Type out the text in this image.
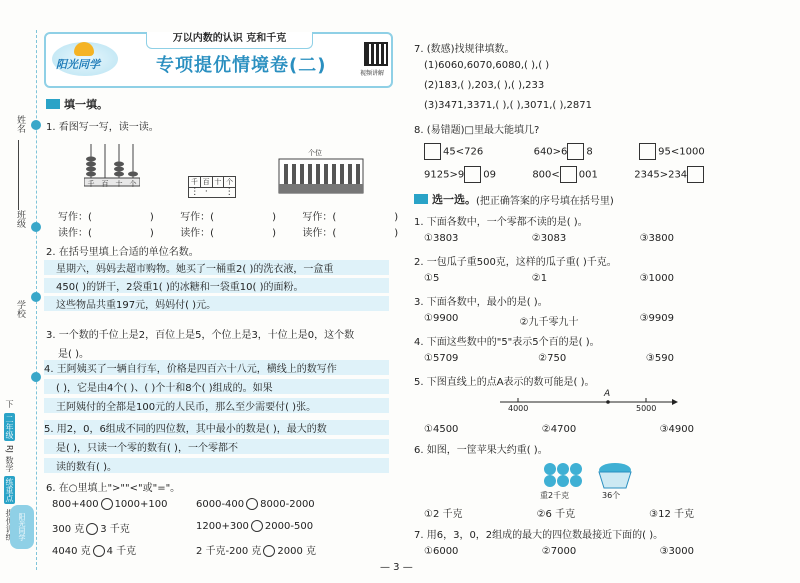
姓名
班级
学校
下 二年级 RJ 数学 练重点
阳光同学
万以内数的认识 克和千克
阳光同学	专项提优情境卷(二)	视频讲解
填一填。
1. 看图写一写，读一读。
千 百 十 个	千 百 十 个
⋮ ·	⋮
个位
写作：(	)	写作：(	)	写作：(	)
读作：(	)	读作：(	)	读作：(	)
2. 在括号里填上合适的单位名数。
星期六，妈妈去超市购物。她买了一桶重2( )的洗衣液，一盒重
450( )的饼干，2袋重1( )的冰糖和一袋重10( )的面粉。
这些物品共重197元，妈妈付( )元。
3. 一个数的千位上是2，百位上是5，个位上是3，十位上是0，这个数
是( )。
4. 王阿姨买了一辆自行车，价格是四百六十八元，横线上的数写作
( )，它是由4个( )、( )个十和8个( )组成的。如果
王阿姨付的全都是100元的人民币，那么至少需要付( )张。
5. 用2，0，6组成不同的四位数，其中最小的数是( )，最大的数
是( )，只读一个零的数有( )，一个零都不
读的数有( )。
6. 在○里填上">""<"或"="。
800+400 1000+100	6000-400 8000-2000
300 克 3 千克	1200+300 2000-500
4040 克 4 千克	2 千克-200 克 2000 克
7. (数感)找规律填数。
(1)6060,6070,6080,( ),( )
(2)183,( ),203,( ),( ),233
(3)3471,3371,( ),( ),3071,( ),2871
8. (易错题)□里最大能填几?
45<726	640>6 8	95<1000
9125>9 09	800< 001	2345>234
选一选。 (把正确答案的序号填在括号里)
1. 下面各数中，一个零都不读的是( )。
①3803	②3083	③3800
2. 一包瓜子重500克，这样的瓜子重( )千克。
①5	②1	③1000
3. 下面各数中，最小的是( )。
①9900	②九千零九十	③9909
4. 下面这些数中的"5"表示5个百的是( )。
①5709	②750	③590
5. 下图直线上的点A表示的数可能是( )。
4000	5000
A
①4500	②4700	③4900
6. 如图，一筐苹果大约重( )。
重2千克	36个
①2 千克	②6 千克	③12 千克
7. 用6，3，0，2组成的最大的四位数最接近下面的( )。
①6000	②7000	③3000
— 3 —
